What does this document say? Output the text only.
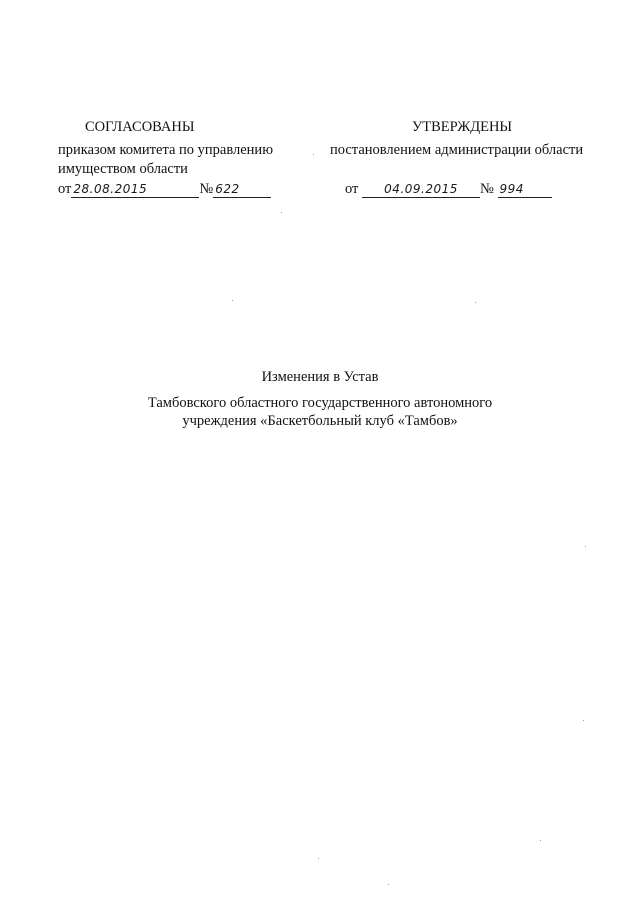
СОГЛАСОВАНЫ
приказом комитета по управлению
имуществом области
от 28.08.2015	№ 622
УТВЕРЖДЕНЫ
постановлением администрации области
от 04.09.2015 № 994
Изменения в Устав
Тамбовского областного государственного автономного
учреждения «Баскетбольный клуб «Тамбов»
